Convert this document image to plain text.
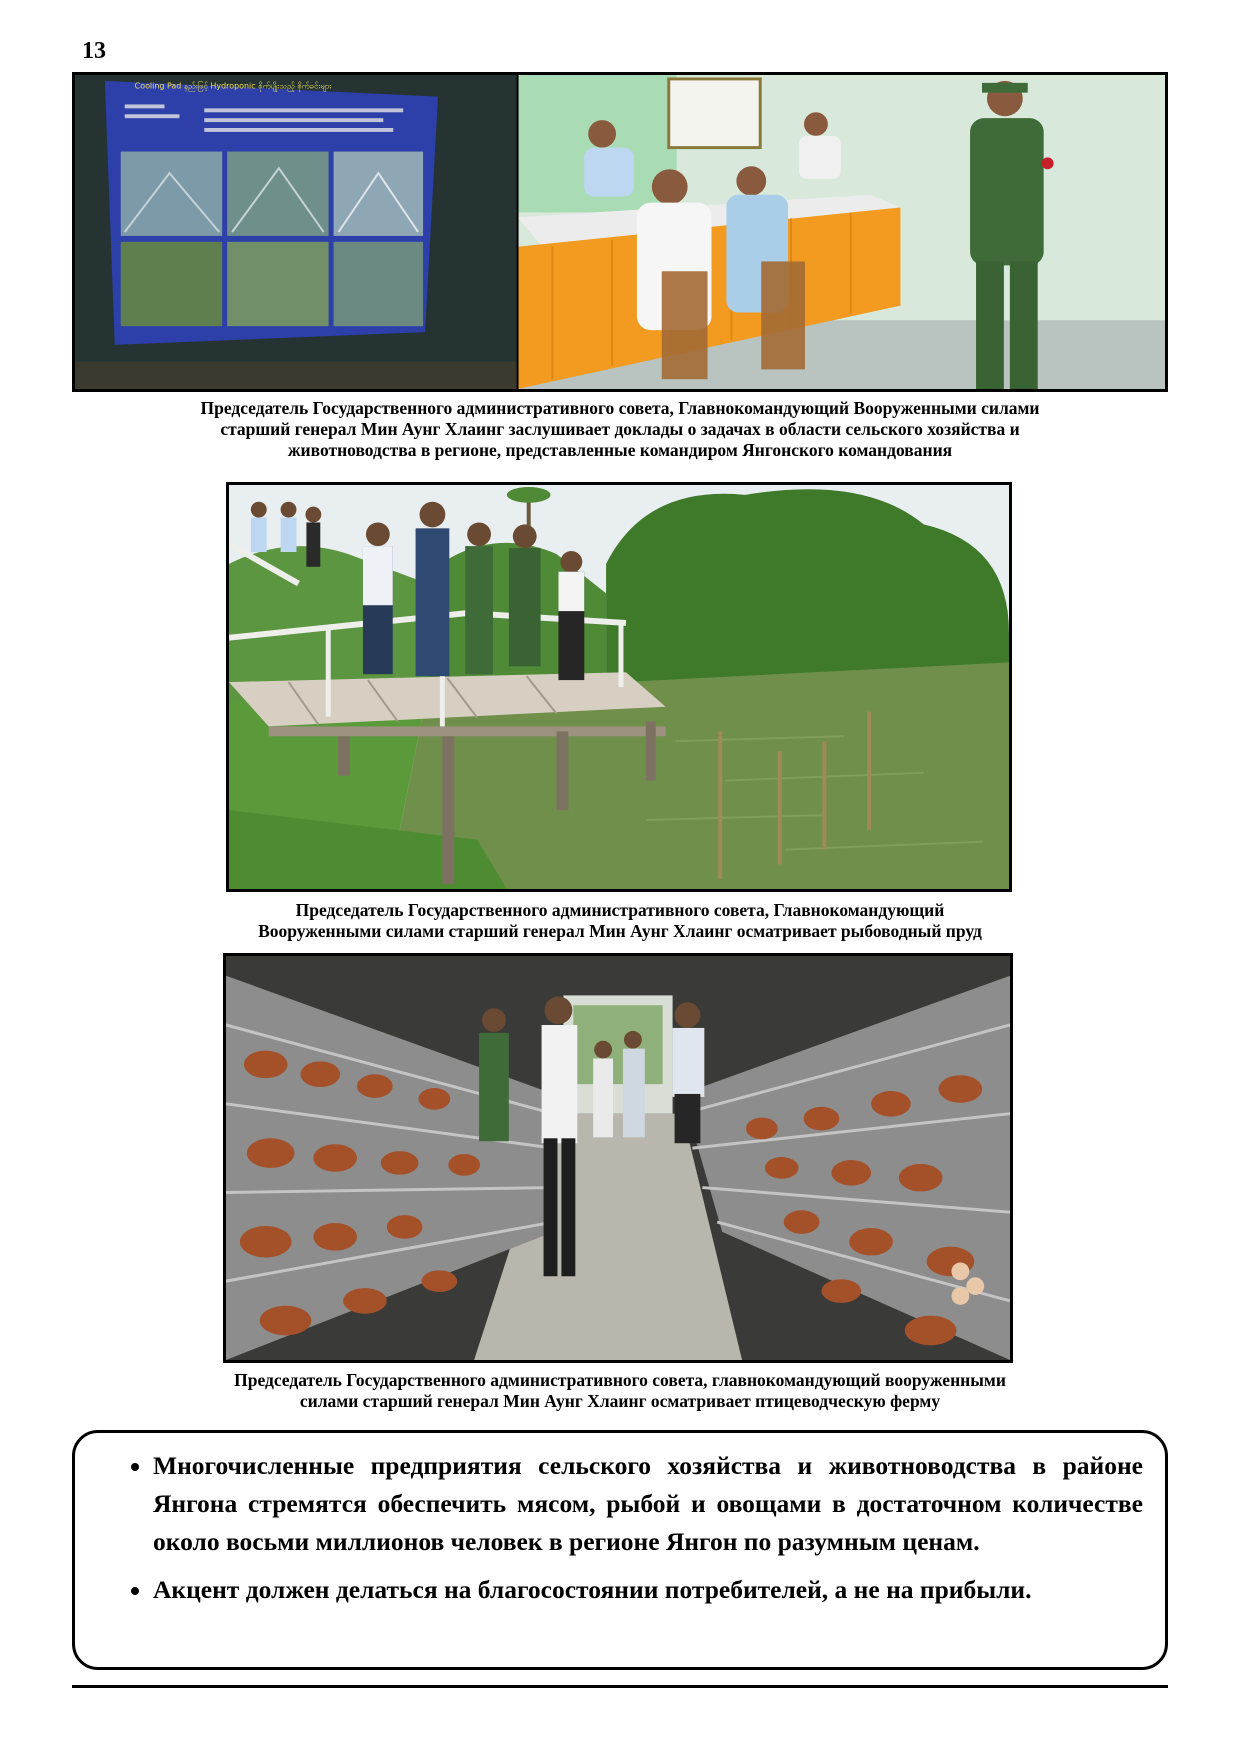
13
Cooling Pad နည်းဖြင့် Hydroponic စိုက်ပျိုးသည့် စိုက်ခင်းများ
Председатель Государственного административного совета, Главнокомандующий Вооруженными силами
старший генерал Мин Аунг Хлаинг заслушивает доклады о задачах в области сельского хозяйства и
животноводства в регионе, представленные командиром Янгонского командования
Председатель Государственного административного совета, Главнокомандующий
Вооруженными силами старший генерал Мин Аунг Хлаинг осматривает рыбоводный пруд
Председатель Государственного административного совета, главнокомандующий вооруженными
силами старший генерал Мин Аунг Хлаинг осматривает птицеводческую ферму
• Многочисленные предприятия сельского хозяйства и животноводства в районе Янгона стремятся обеспечить мясом, рыбой и овощами в достаточном количестве около восьми миллионов человек в регионе Янгон по разумным ценам.
• Акцент должен делаться на благосостоянии потребителей, а не на прибыли.
